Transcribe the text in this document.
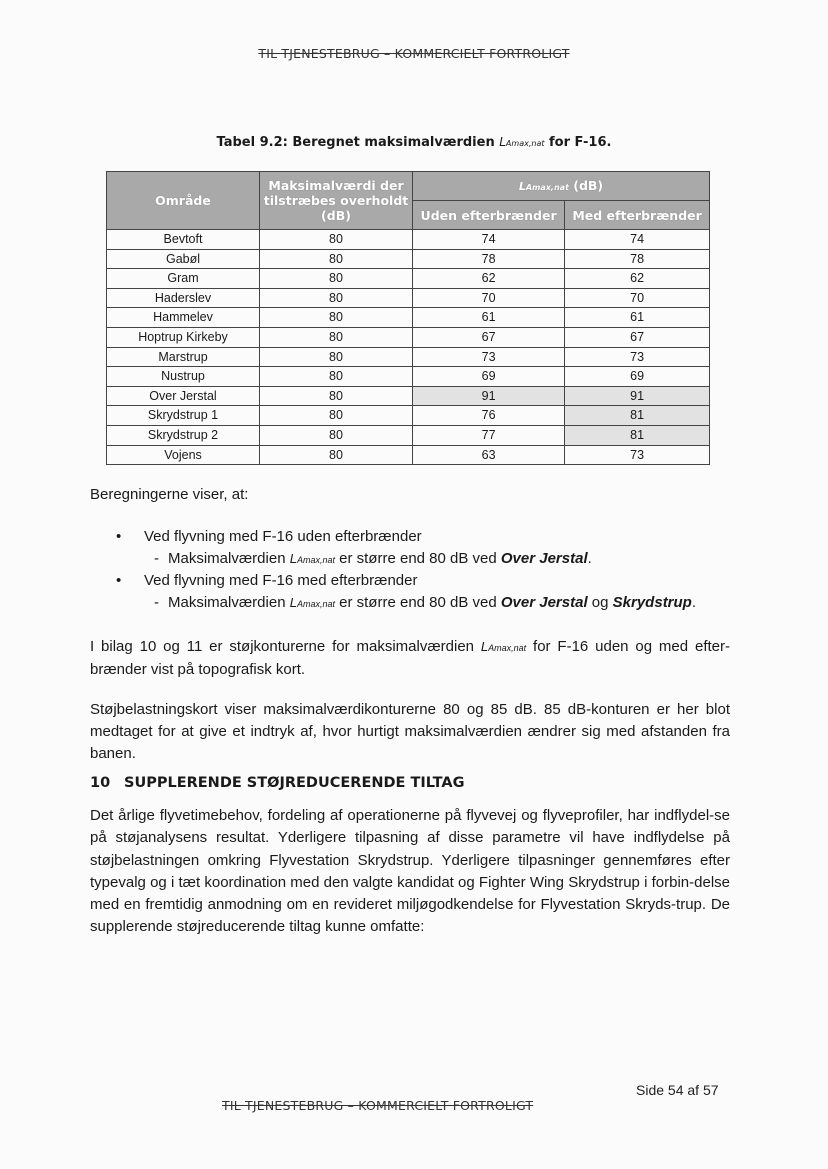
TIL TJENESTEBRUG – KOMMERCIELT FORTROLIGT
Tabel 9.2: Beregnet maksimalværdien LAmax,nat for F-16.
Område	Maksimalværdi der tilstræbes overholdt (dB)	LAmax,nat (dB)	
		Uden efterbrænder	Med efterbrænder
Bevtoft	80	74	74
Gabøl	80	78	78
Gram	80	62	62
Haderslev	80	70	70
Hammelev	80	61	61
Hoptrup Kirkeby	80	67	67
Marstrup	80	73	73
Nustrup	80	69	69
Over Jerstal	80	91	91
Skrydstrup 1	80	76	81
Skrydstrup 2	80	77	81
Vojens	80	63	73
Beregningerne viser, at:
• Ved flyvning med F-16 uden efterbrænder
- Maksimalværdien LAmax,nat er større end 80 dB ved Over Jerstal.
• Ved flyvning med F-16 med efterbrænder
- Maksimalværdien LAmax,nat er større end 80 dB ved Over Jerstal og Skrydstrup.
I bilag 10 og 11 er støjkonturerne for maksimalværdien LAmax,nat for F-16 uden og med efter-brænder vist på topografisk kort.
Støjbelastningskort viser maksimalværdikonturerne 80 og 85 dB. 85 dB-konturen er her blot medtaget for at give et indtryk af, hvor hurtigt maksimalværdien ændrer sig med afstanden fra banen.
10 SUPPLERENDE STØJREDUCERENDE TILTAG
Det årlige flyvetimebehov, fordeling af operationerne på flyvevej og flyveprofiler, har indflydel-se på støjanalysens resultat. Yderligere tilpasning af disse parametre vil have indflydelse på støjbelastningen omkring Flyvestation Skrydstrup. Yderligere tilpasninger gennemføres efter typevalg og i tæt koordination med den valgte kandidat og Fighter Wing Skrydstrup i forbin-delse med en fremtidig anmodning om en revideret miljøgodkendelse for Flyvestation Skryds-trup. De supplerende støjreducerende tiltag kunne omfatte:
Side 54 af 57
TIL TJENESTEBRUG – KOMMERCIELT FORTROLIGT
